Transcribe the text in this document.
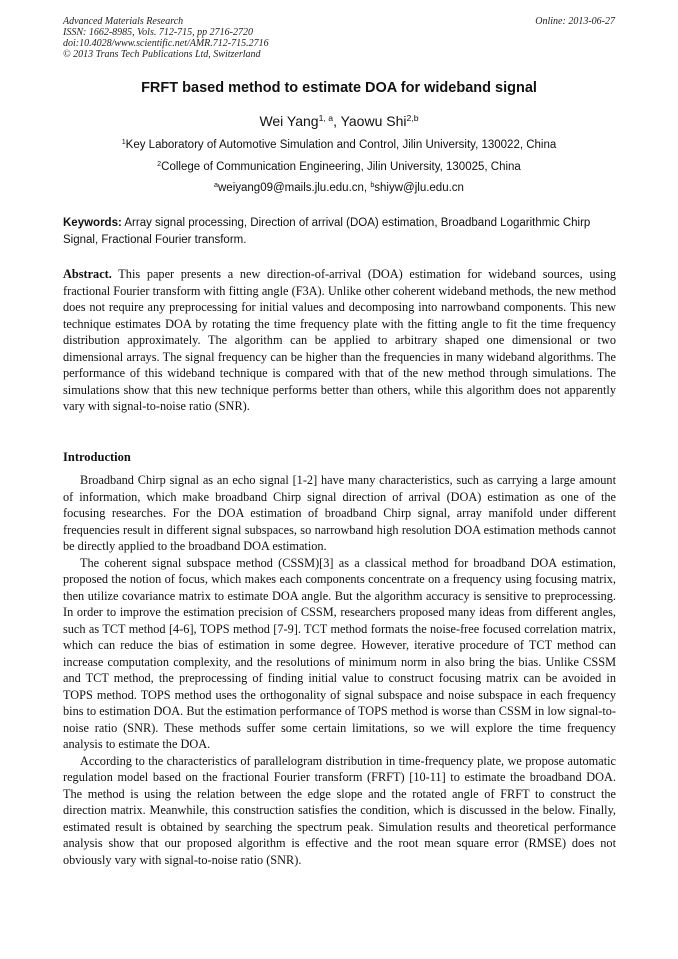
Advanced Materials Research
ISSN: 1662-8985, Vols. 712-715, pp 2716-2720
doi:10.4028/www.scientific.net/AMR.712-715.2716
© 2013 Trans Tech Publications Ltd, Switzerland
Online: 2013-06-27
FRFT based method to estimate DOA for wideband signal
Wei Yang$^{1, a}$, Yaowu Shi$^{2,b}$
$^1$Key Laboratory of Automotive Simulation and Control, Jilin University, 130022, China
$^2$College of Communication Engineering, Jilin University, 130025, China
$^a$weiyang09@mails.jlu.edu.cn, $^b$shiyw@jlu.edu.cn
Keywords: Array signal processing, Direction of arrival (DOA) estimation, Broadband Logarithmic Chirp Signal, Fractional Fourier transform.
Abstract. This paper presents a new direction-of-arrival (DOA) estimation for wideband sources, using fractional Fourier transform with fitting angle (F3A). Unlike other coherent wideband methods, the new method does not require any preprocessing for initial values and decomposing into narrowband components. This new technique estimates DOA by rotating the time frequency plate with the fitting angle to fit the time frequency distribution approximately. The algorithm can be applied to arbitrary shaped one dimensional or two dimensional arrays. The signal frequency can be higher than the frequencies in many wideband algorithms. The performance of this wideband technique is compared with that of the new method through simulations. The simulations show that this new technique performs better than others, while this algorithm does not apparently vary with signal-to-noise ratio (SNR).
Introduction

Broadband Chirp signal as an echo signal [1-2] have many characteristics, such as carrying a large amount of information, which make broadband Chirp signal direction of arrival (DOA) estimation as one of the focusing researches. For the DOA estimation of broadband Chirp signal, array manifold under different frequencies result in different signal subspaces, so narrowband high resolution DOA estimation methods cannot be directly applied to the broadband DOA estimation.

The coherent signal subspace method (CSSM)[3] as a classical method for broadband DOA estimation, proposed the notion of focus, which makes each components concentrate on a frequency using focusing matrix, then utilize covariance matrix to estimate DOA angle. But the algorithm accuracy is sensitive to preprocessing. In order to improve the estimation precision of CSSM, researchers proposed many ideas from different angles, such as TCT method [4-6], TOPS method [7-9]. TCT method formats the noise-free focused correlation matrix, which can reduce the bias of estimation in some degree. However, iterative procedure of TCT method can increase computation complexity, and the resolutions of minimum norm in also bring the bias. Unlike CSSM and TCT method, the preprocessing of finding initial value to construct focusing matrix can be avoided in TOPS method. TOPS method uses the orthogonality of signal subspace and noise subspace in each frequency bins to estimation DOA. But the estimation performance of TOPS method is worse than CSSM in low signal-to-noise ratio (SNR). These methods suffer some certain limitations, so we will explore the time frequency analysis to estimate the DOA.

According to the characteristics of parallelogram distribution in time-frequency plate, we propose automatic regulation model based on the fractional Fourier transform (FRFT) [10-11] to estimate the broadband DOA. The method is using the relation between the edge slope and the rotated angle of FRFT to construct the direction matrix. Meanwhile, this construction satisfies the condition, which is discussed in the below. Finally, estimated result is obtained by searching the spectrum peak. Simulation results and theoretical performance analysis show that our proposed algorithm is effective and the root mean square error (RMSE) does not obviously vary with signal-to-noise ratio (SNR).
